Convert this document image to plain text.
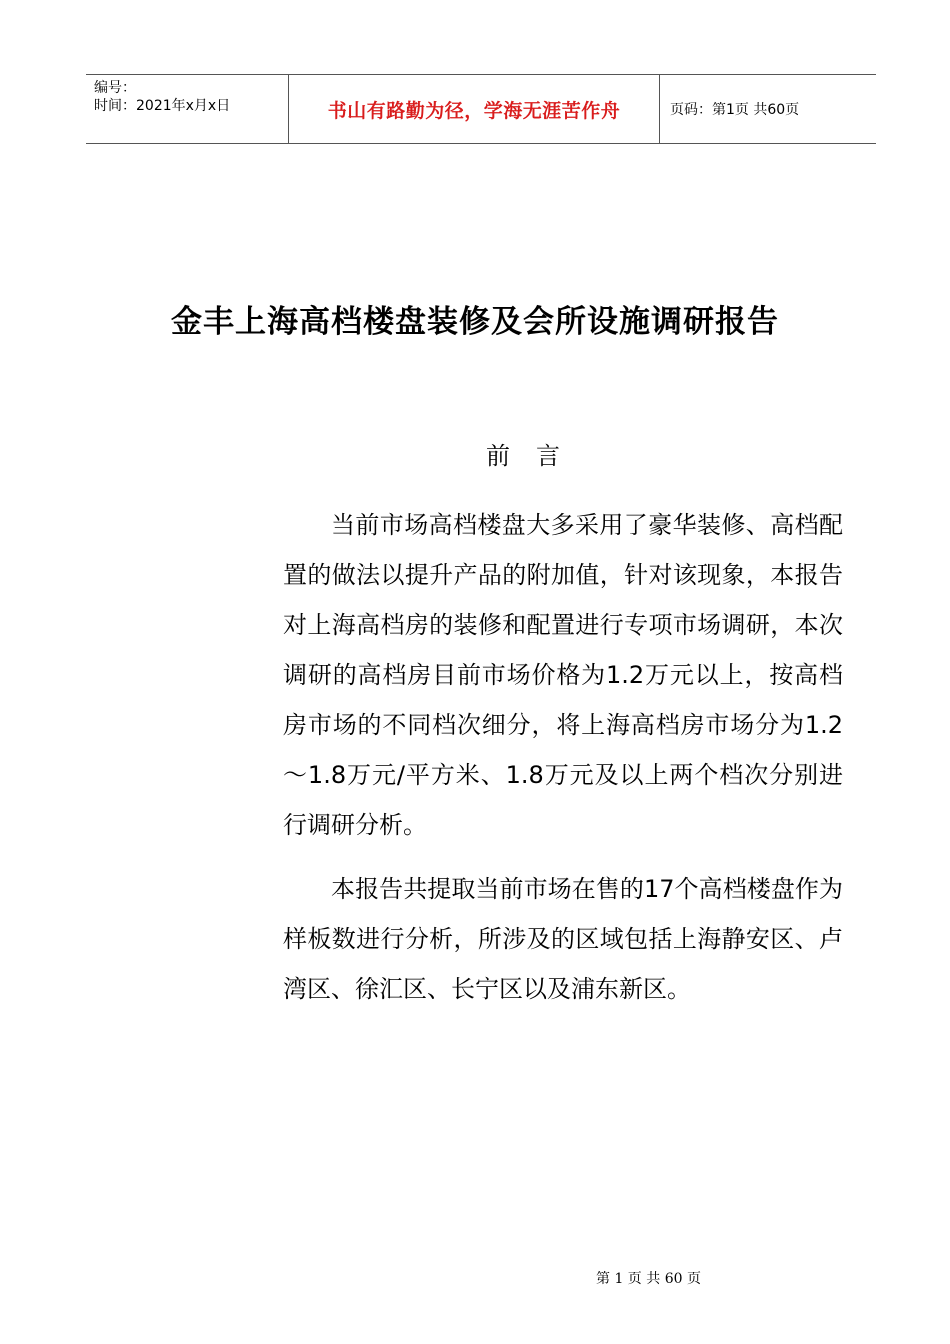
编号：
时间：2021年x月x日	书山有路勤为径，学海无涯苦作舟	页码：第1页 共60页
金丰上海高档楼盘装修及会所设施调研报告
前言

当前市场高档楼盘大多采用了豪华装修、高档配置的做法以提升产品的附加值，针对该现象，本报告对上海高档房的装修和配置进行专项市场调研，本次调研的高档房目前市场价格为1.2万元以上，按高档房市场的不同档次细分，将上海高档房市场分为1.2～1.8万元/平方米、1.8万元及以上两个档次分别进行调研分析。

本报告共提取当前市场在售的17个高档楼盘作为样板数进行分析，所涉及的区域包括上海静安区、卢湾区、徐汇区、长宁区以及浦东新区。

第 1 页 共 60 页
